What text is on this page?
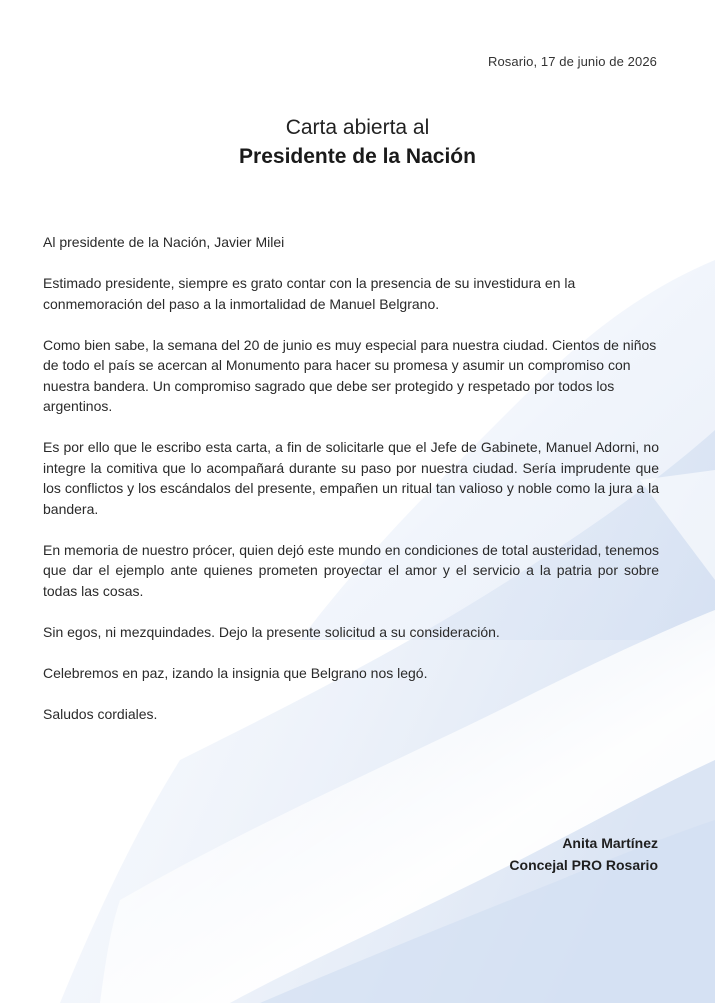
Rosario, 17 de junio de 2026
Carta abierta al
Presidente de la Nación

Al presidente de la Nación, Javier Milei

Estimado presidente, siempre es grato contar con la presencia de su investidura en la conmemoración del paso a la inmortalidad de Manuel Belgrano.

Como bien sabe, la semana del 20 de junio es muy especial para nuestra ciudad. Cientos de niños de todo el país se acercan al Monumento para hacer su promesa y asumir un compromiso con nuestra bandera. Un compromiso sagrado que debe ser protegido y respetado por todos los argentinos.

Es por ello que le escribo esta carta, a fin de solicitarle que el Jefe de Gabinete, Manuel Adorni, no integre la comitiva que lo acompañará durante su paso por nuestra ciudad. Sería imprudente que los conflictos y los escándalos del presente, empañen un ritual tan valioso y noble como la jura a la bandera.

En memoria de nuestro prócer, quien dejó este mundo en condiciones de total austeridad, tenemos que dar el ejemplo ante quienes prometen proyectar el amor y el servicio a la patria por sobre todas las cosas.

Sin egos, ni mezquindades. Dejo la presente solicitud a su consideración.

Celebremos en paz, izando la insignia que Belgrano nos legó.

Saludos cordiales.

Anita Martínez
Concejal PRO Rosario
